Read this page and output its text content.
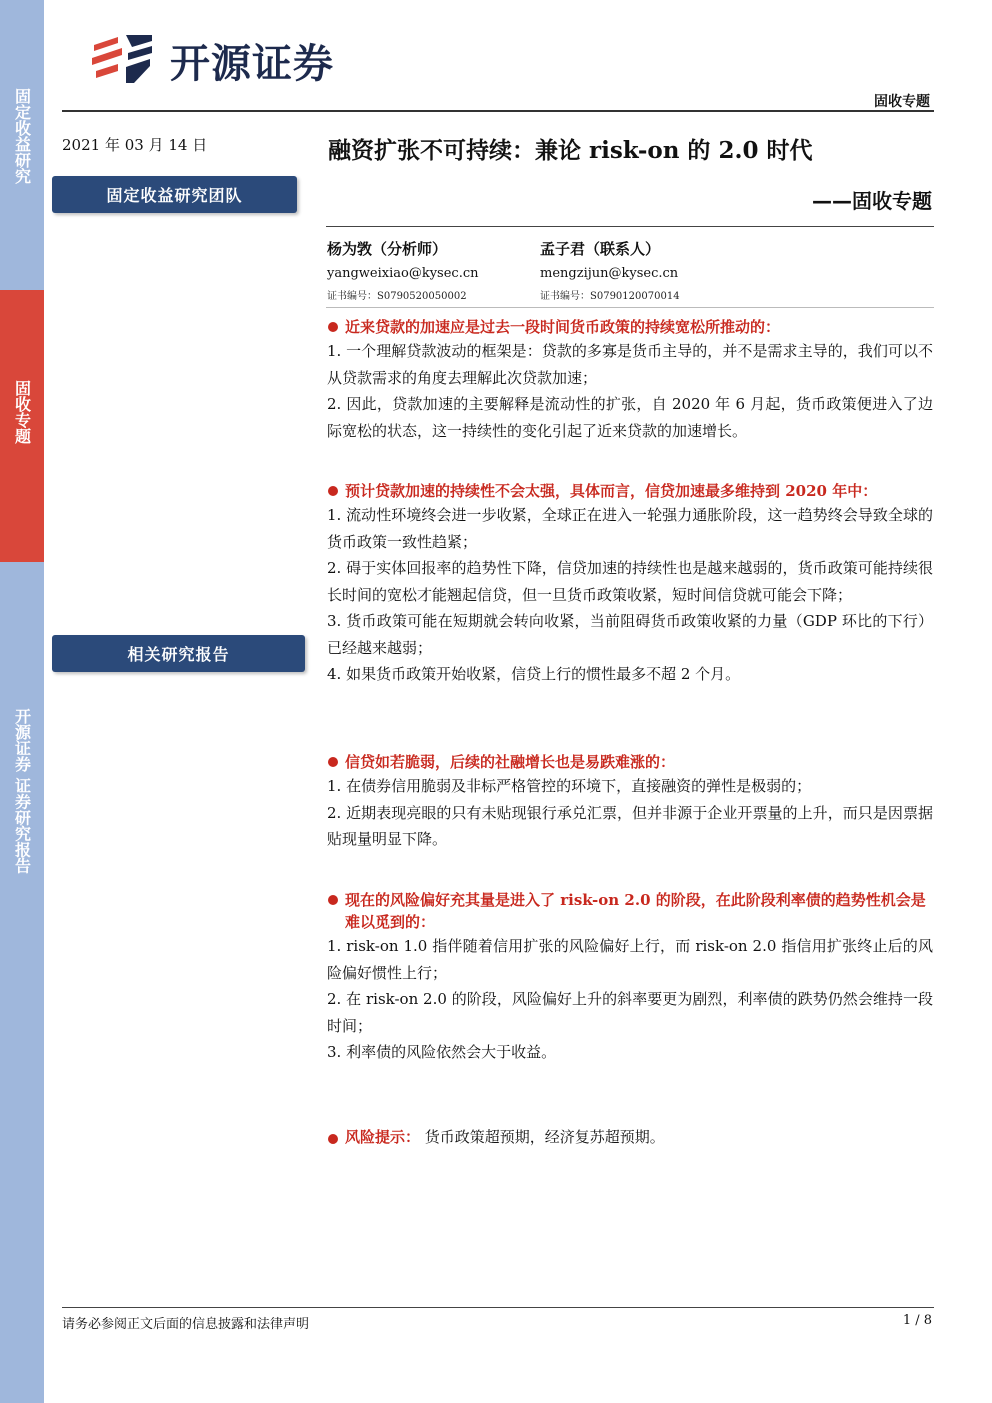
固定收益研究
固收专题
开源证券 证券研究报告
开源证券
固收专题
2021 年 03 月 14 日
固定收益研究团队
相关研究报告
融资扩张不可持续：兼论 risk-on 的 2.0 时代
——固收专题
杨为敩（分析师）
yangweixiao@kysec.cn
证书编号：S0790520050002
孟子君（联系人）
mengzijun@kysec.cn
证书编号：S0790120070014
近来贷款的加速应是过去一段时间货币政策的持续宽松所推动的：
1. 一个理解贷款波动的框架是：贷款的多寡是货币主导的，并不是需求主导的，我们可以不从贷款需求的角度去理解此次贷款加速；
2. 因此，贷款加速的主要解释是流动性的扩张，自 2020 年 6 月起，货币政策便进入了边际宽松的状态，这一持续性的变化引起了近来贷款的加速增长。
预计贷款加速的持续性不会太强，具体而言，信贷加速最多维持到 2020 年中：
1. 流动性环境终会进一步收紧，全球正在进入一轮强力通胀阶段，这一趋势终会导致全球的货币政策一致性趋紧；
2. 碍于实体回报率的趋势性下降，信贷加速的持续性也是越来越弱的，货币政策可能持续很长时间的宽松才能翘起信贷，但一旦货币政策收紧，短时间信贷就可能会下降；
3. 货币政策可能在短期就会转向收紧，当前阻碍货币政策收紧的力量（GDP 环比的下行）已经越来越弱；
4. 如果货币政策开始收紧，信贷上行的惯性最多不超 2 个月。
信贷如若脆弱，后续的社融增长也是易跌难涨的：
1. 在债券信用脆弱及非标严格管控的环境下，直接融资的弹性是极弱的；
2. 近期表现亮眼的只有未贴现银行承兑汇票，但并非源于企业开票量的上升，而只是因票据贴现量明显下降。
现在的风险偏好充其量是进入了 risk-on 2.0 的阶段，在此阶段利率债的趋势性机会是难以觅到的：
1. risk-on 1.0 指伴随着信用扩张的风险偏好上行，而 risk-on 2.0 指信用扩张终止后的风险偏好惯性上行；
2. 在 risk-on 2.0 的阶段，风险偏好上升的斜率要更为剧烈，利率债的跌势仍然会维持一段时间；
3. 利率债的风险依然会大于收益。
风险提示： 货币政策超预期，经济复苏超预期。
请务必参阅正文后面的信息披露和法律声明	1 / 8
